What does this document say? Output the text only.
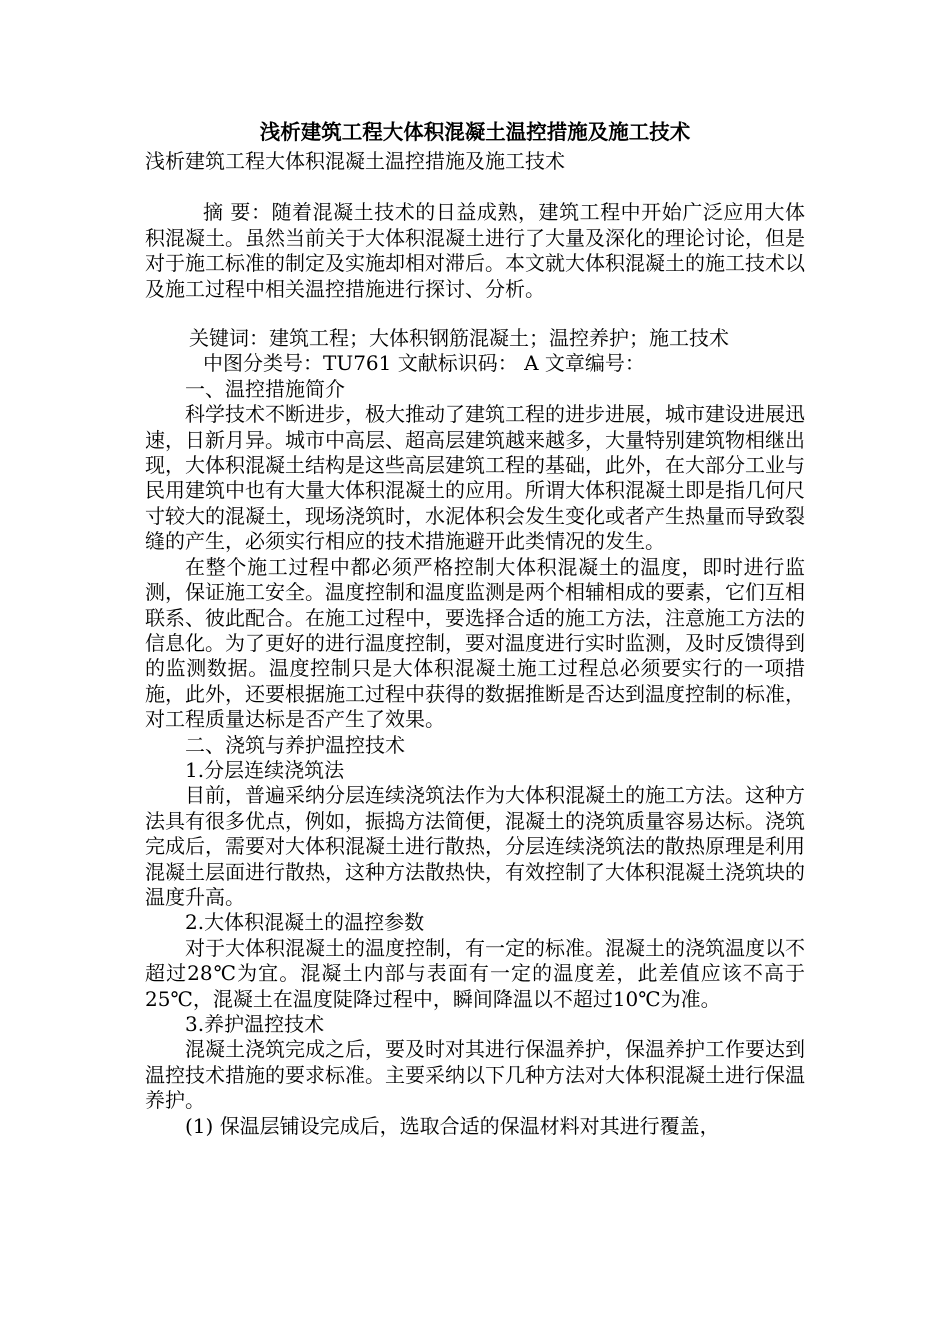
浅析建筑工程大体积混凝土温控措施及施工技术
浅析建筑工程大体积混凝土温控措施及施工技术

摘 要：随着混凝土技术的日益成熟，建筑工程中开始广泛应用大体积混凝土。虽然当前关于大体积混凝土进行了大量及深化的理论讨论，但是对于施工标准的制定及实施却相对滞后。本文就大体积混凝土的施工技术以及施工过程中相关温控措施进行探讨、分析。

关键词：建筑工程；大体积钢筋混凝土；温控养护；施工技术

中图分类号：TU761 文献标识码： A 文章编号：

一、温控措施简介

科学技术不断进步，极大推动了建筑工程的进步进展，城市建设进展迅速，日新月异。城市中高层、超高层建筑越来越多，大量特别建筑物相继出现，大体积混凝土结构是这些高层建筑工程的基础，此外，在大部分工业与民用建筑中也有大量大体积混凝土的应用。所谓大体积混凝土即是指几何尺寸较大的混凝土，现场浇筑时，水泥体积会发生变化或者产生热量而导致裂缝的产生，必须实行相应的技术措施避开此类情况的发生。

在整个施工过程中都必须严格控制大体积混凝土的温度，即时进行监测，保证施工安全。温度控制和温度监测是两个相辅相成的要素，它们互相联系、彼此配合。在施工过程中，要选择合适的施工方法，注意施工方法的信息化。为了更好的进行温度控制，要对温度进行实时监测，及时反馈得到的监测数据。温度控制只是大体积混凝土施工过程总必须要实行的一项措施，此外，还要根据施工过程中获得的数据推断是否达到温度控制的标准，对工程质量达标是否产生了效果。

二、浇筑与养护温控技术

1.分层连续浇筑法

目前，普遍采纳分层连续浇筑法作为大体积混凝土的施工方法。这种方法具有很多优点，例如，振捣方法简便，混凝土的浇筑质量容易达标。浇筑完成后，需要对大体积混凝土进行散热，分层连续浇筑法的散热原理是利用混凝土层面进行散热，这种方法散热快，有效控制了大体积混凝土浇筑块的温度升高。

2.大体积混凝土的温控参数

对于大体积混凝土的温度控制，有一定的标准。混凝土的浇筑温度以不超过28℃为宜。混凝土内部与表面有一定的温度差，此差值应该不高于25℃，混凝土在温度陡降过程中，瞬间降温以不超过10℃为准。

3.养护温控技术

混凝土浇筑完成之后，要及时对其进行保温养护，保温养护工作要达到温控技术措施的要求标准。主要采纳以下几种方法对大体积混凝土进行保温养护。

(1) 保温层铺设完成后，选取合适的保温材料对其进行覆盖，
